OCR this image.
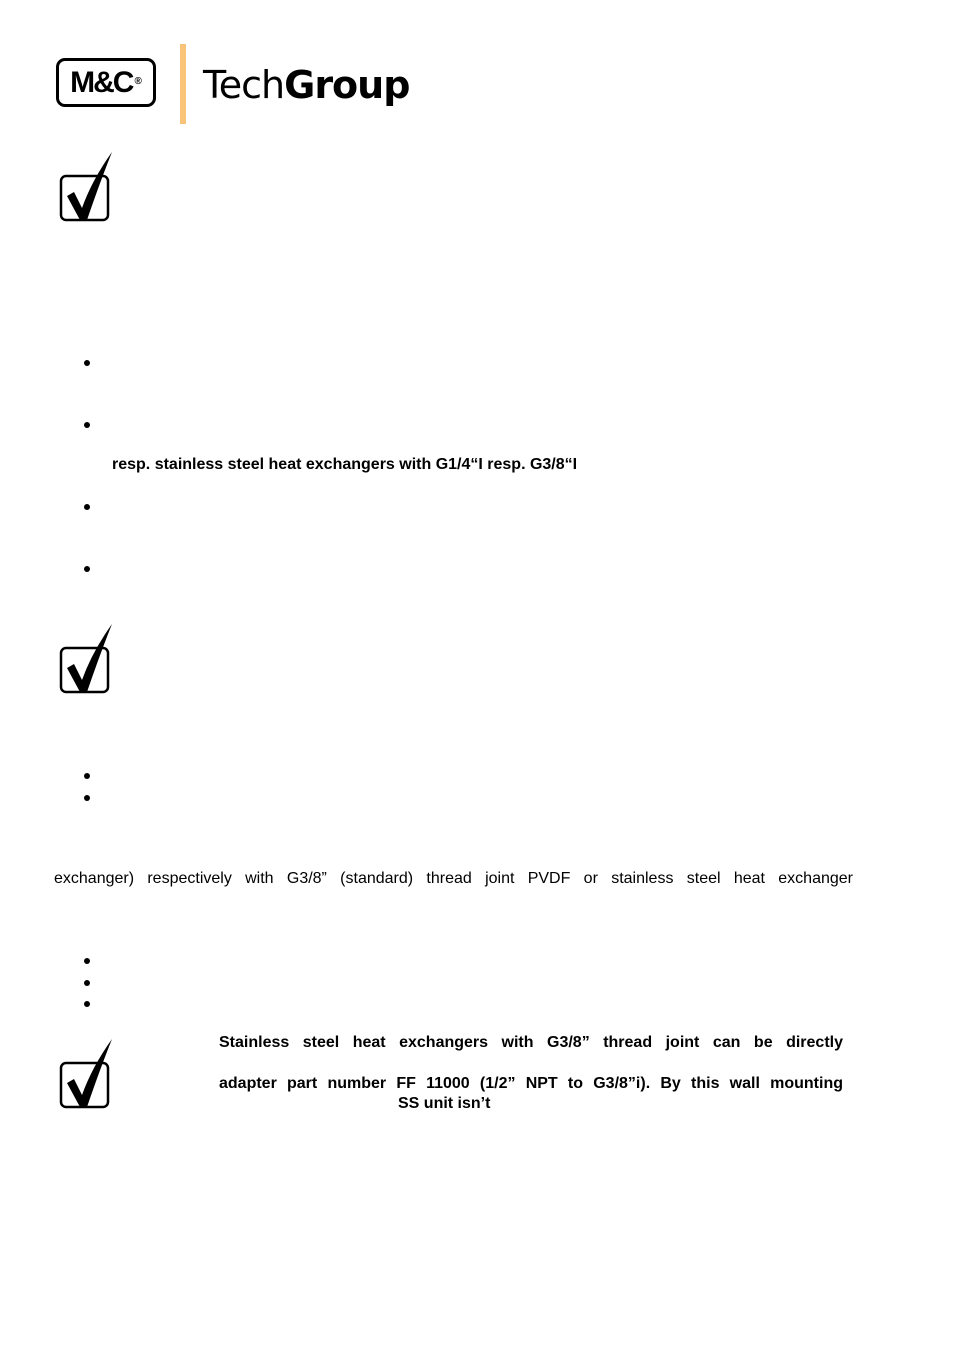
M&C ® TechGroup
resp. stainless steel heat exchangers with G1/4“I resp. G3/8“I
exchanger) respectively with G3/8” (standard) thread joint PVDF or stainless steel heat exchanger
Stainless steel heat exchangers with G3/8” thread joint can be directly
adapter part number FF 11000 (1/2” NPT to G3/8”i). By this wall mounting
SS unit isn’t
